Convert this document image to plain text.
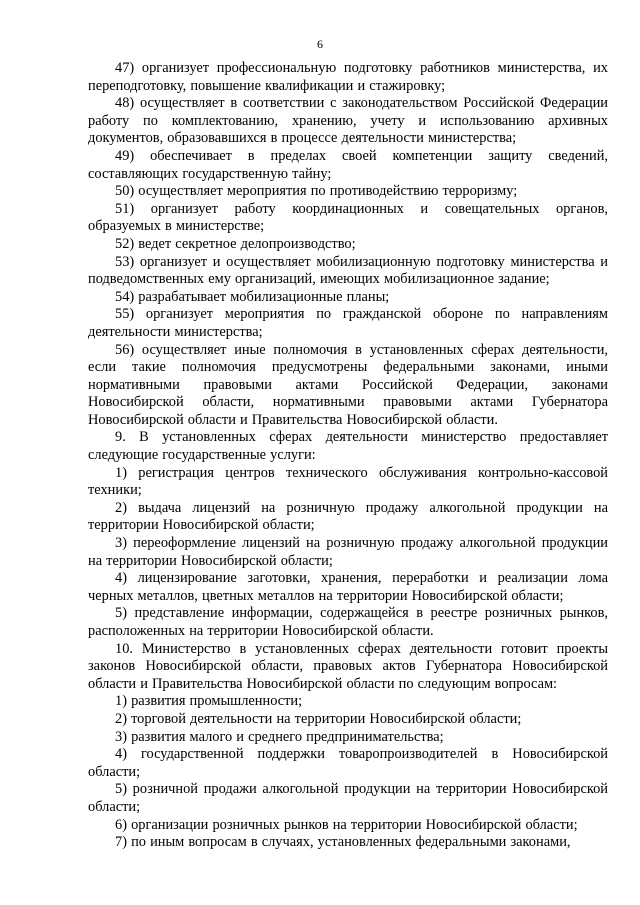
6

47) организует профессиональную подготовку работников министерства, их переподготовку, повышение квалификации и стажировку;

48) осуществляет в соответствии с законодательством Российской Федерации работу по комплектованию, хранению, учету и использованию архивных документов, образовавшихся в процессе деятельности министерства;

49) обеспечивает в пределах своей компетенции защиту сведений, составляющих государственную тайну;

50) осуществляет мероприятия по противодействию терроризму;

51) организует работу координационных и совещательных органов, образуемых в министерстве;

52) ведет секретное делопроизводство;

53) организует и осуществляет мобилизационную подготовку министерства и подведомственных ему организаций, имеющих мобилизационное задание;

54) разрабатывает мобилизационные планы;

55) организует мероприятия по гражданской обороне по направлениям деятельности министерства;

56) осуществляет иные полномочия в установленных сферах деятельности, если такие полномочия предусмотрены федеральными законами, иными нормативными правовыми актами Российской Федерации, законами Новосибирской области, нормативными правовыми актами Губернатора Новосибирской области и Правительства Новосибирской области.

9. В установленных сферах деятельности министерство предоставляет следующие государственные услуги:

1) регистрация центров технического обслуживания контрольно-кассовой техники;

2) выдача лицензий на розничную продажу алкогольной продукции на территории Новосибирской области;

3) переоформление лицензий на розничную продажу алкогольной продукции на территории Новосибирской области;

4) лицензирование заготовки, хранения, переработки и реализации лома черных металлов, цветных металлов на территории Новосибирской области;

5) представление информации, содержащейся в реестре розничных рынков, расположенных на территории Новосибирской области.

10. Министерство в установленных сферах деятельности готовит проекты законов Новосибирской области, правовых актов Губернатора Новосибирской области и Правительства Новосибирской области по следующим вопросам:

1) развития промышленности;

2) торговой деятельности на территории Новосибирской области;

3) развития малого и среднего предпринимательства;

4) государственной поддержки товаропроизводителей в Новосибирской области;

5) розничной продажи алкогольной продукции на территории Новосибирской области;

6) организации розничных рынков на территории Новосибирской области;

7) по иным вопросам в случаях, установленных федеральными законами,
